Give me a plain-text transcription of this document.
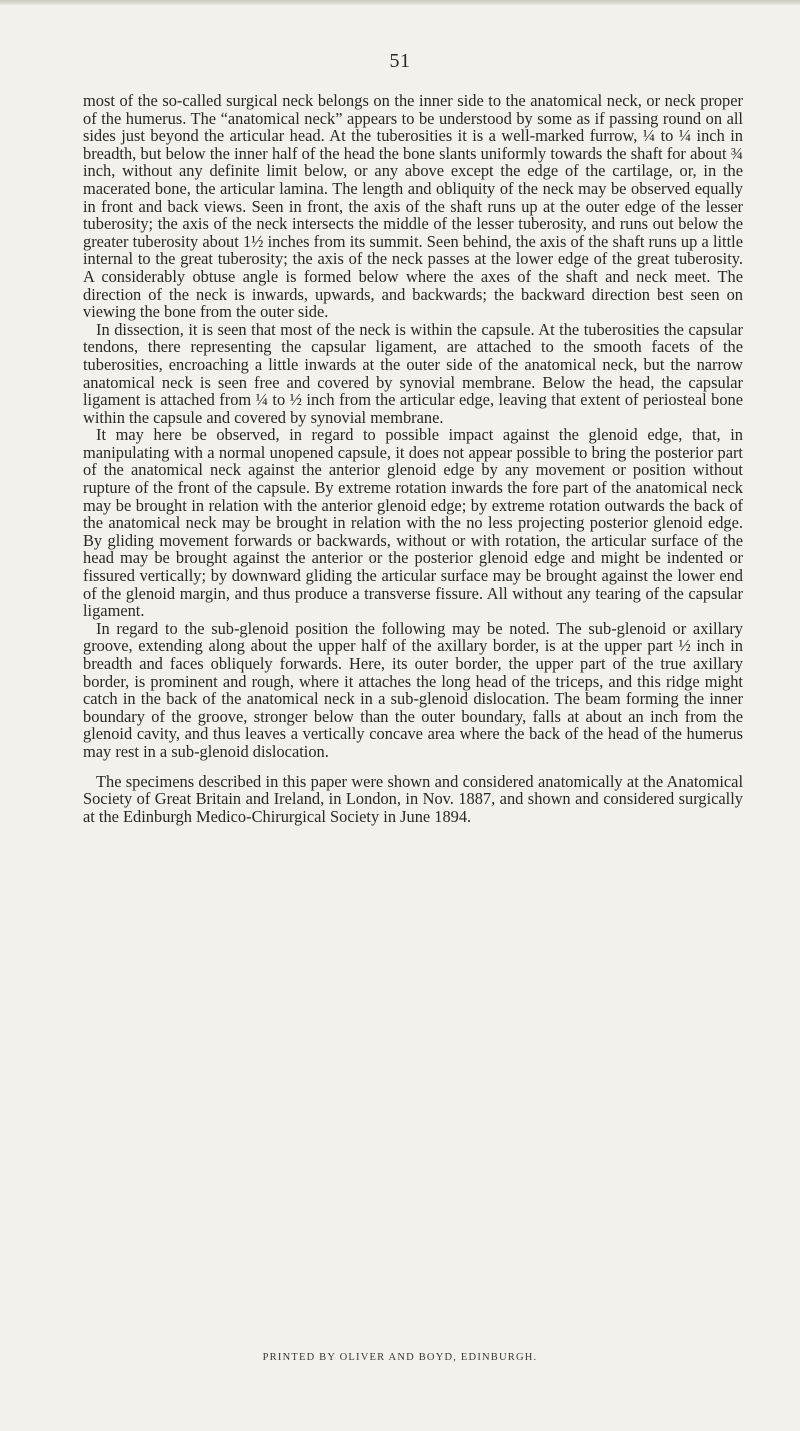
51

most of the so-called surgical neck belongs on the inner side to the anatomical neck, or neck proper of the humerus. The “anatomical neck” appears to be understood by some as if passing round on all sides just beyond the articular head. At the tuberosities it is a well-marked furrow, ¼ to ¼ inch in breadth, but below the inner half of the head the bone slants uniformly towards the shaft for about ¾ inch, without any definite limit below, or any above except the edge of the cartilage, or, in the macerated bone, the articular lamina. The length and obliquity of the neck may be observed equally in front and back views. Seen in front, the axis of the shaft runs up at the outer edge of the lesser tuberosity; the axis of the neck intersects the middle of the lesser tuberosity, and runs out below the greater tuberosity about 1½ inches from its summit. Seen behind, the axis of the shaft runs up a little internal to the great tuberosity; the axis of the neck passes at the lower edge of the great tuberosity. A considerably obtuse angle is formed below where the axes of the shaft and neck meet. The direction of the neck is inwards, upwards, and backwards; the backward direction best seen on viewing the bone from the outer side.

In dissection, it is seen that most of the neck is within the capsule. At the tuberosities the capsular tendons, there representing the capsular ligament, are attached to the smooth facets of the tuberosities, encroaching a little inwards at the outer side of the anatomical neck, but the narrow anatomical neck is seen free and covered by synovial membrane. Below the head, the capsular ligament is attached from ¼ to ½ inch from the articular edge, leaving that extent of periosteal bone within the capsule and covered by synovial membrane.

It may here be observed, in regard to possible impact against the glenoid edge, that, in manipulating with a normal unopened capsule, it does not appear possible to bring the posterior part of the anatomical neck against the anterior glenoid edge by any movement or position without rupture of the front of the capsule. By extreme rotation inwards the fore part of the anatomical neck may be brought in relation with the anterior glenoid edge; by extreme rotation outwards the back of the anatomical neck may be brought in relation with the no less projecting posterior glenoid edge. By gliding movement forwards or backwards, without or with rotation, the articular surface of the head may be brought against the anterior or the posterior glenoid edge and might be indented or fissured vertically; by downward gliding the articular surface may be brought against the lower end of the glenoid margin, and thus produce a transverse fissure. All without any tearing of the capsular ligament.

In regard to the sub-glenoid position the following may be noted. The sub-glenoid or axillary groove, extending along about the upper half of the axillary border, is at the upper part ½ inch in breadth and faces obliquely forwards. Here, its outer border, the upper part of the true axillary border, is prominent and rough, where it attaches the long head of the triceps, and this ridge might catch in the back of the anatomical neck in a sub-glenoid dislocation. The beam forming the inner boundary of the groove, stronger below than the outer boundary, falls at about an inch from the glenoid cavity, and thus leaves a vertically concave area where the back of the head of the humerus may rest in a sub-glenoid dislocation.

The specimens described in this paper were shown and considered anatomically at the Anatomical Society of Great Britain and Ireland, in London, in Nov. 1887, and shown and considered surgically at the Edinburgh Medico-Chirurgical Society in June 1894.

PRINTED BY OLIVER AND BOYD, EDINBURGH.
